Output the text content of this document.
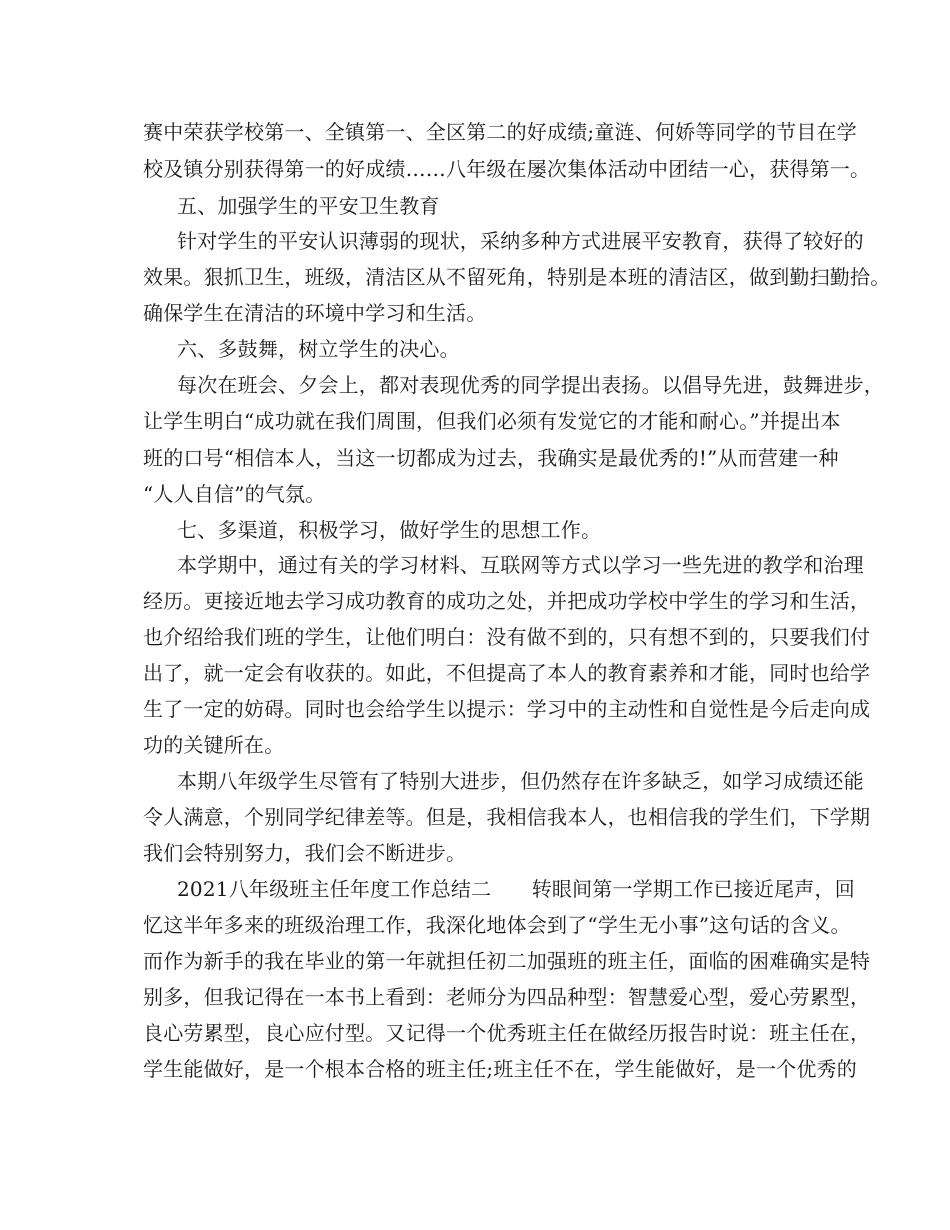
赛中荣获学校第一、全镇第一、全区第二的好成绩;童涟、何娇等同学的节目在学
校及镇分别获得第一的好成绩……八年级在屡次集体活动中团结一心，获得第一。
五、加强学生的平安卫生教育
针对学生的平安认识薄弱的现状，采纳多种方式进展平安教育，获得了较好的
效果。狠抓卫生，班级，清洁区从不留死角，特别是本班的清洁区，做到勤扫勤拾。
确保学生在清洁的环境中学习和生活。
六、多鼓舞，树立学生的决心。
每次在班会、夕会上，都对表现优秀的同学提出表扬。以倡导先进，鼓舞进步，
让学生明白“成功就在我们周围，但我们必须有发觉它的才能和耐心。”并提出本
班的口号“相信本人，当这一切都成为过去，我确实是最优秀的!”从而营建一种
“人人自信”的气氛。
七、多渠道，积极学习，做好学生的思想工作。
本学期中，通过有关的学习材料、互联网等方式以学习一些先进的教学和治理
经历。更接近地去学习成功教育的成功之处，并把成功学校中学生的学习和生活，
也介绍给我们班的学生，让他们明白：没有做不到的，只有想不到的，只要我们付
出了，就一定会有收获的。如此，不但提高了本人的教育素养和才能，同时也给学
生了一定的妨碍。同时也会给学生以提示：学习中的主动性和自觉性是今后走向成
功的关键所在。
本期八年级学生尽管有了特别大进步，但仍然存在许多缺乏，如学习成绩还能
令人满意，个别同学纪律差等。但是，我相信我本人，也相信我的学生们，下学期
我们会特别努力，我们会不断进步。
2021八年级班主任年度工作总结二　　转眼间第一学期工作已接近尾声，回
忆这半年多来的班级治理工作，我深化地体会到了“学生无小事”这句话的含义。
而作为新手的我在毕业的第一年就担任初二加强班的班主任，面临的困难确实是特
别多，但我记得在一本书上看到：老师分为四品种型：智慧爱心型，爱心劳累型，
良心劳累型，良心应付型。又记得一个优秀班主任在做经历报告时说：班主任在，
学生能做好，是一个根本合格的班主任;班主任不在，学生能做好，是一个优秀的
